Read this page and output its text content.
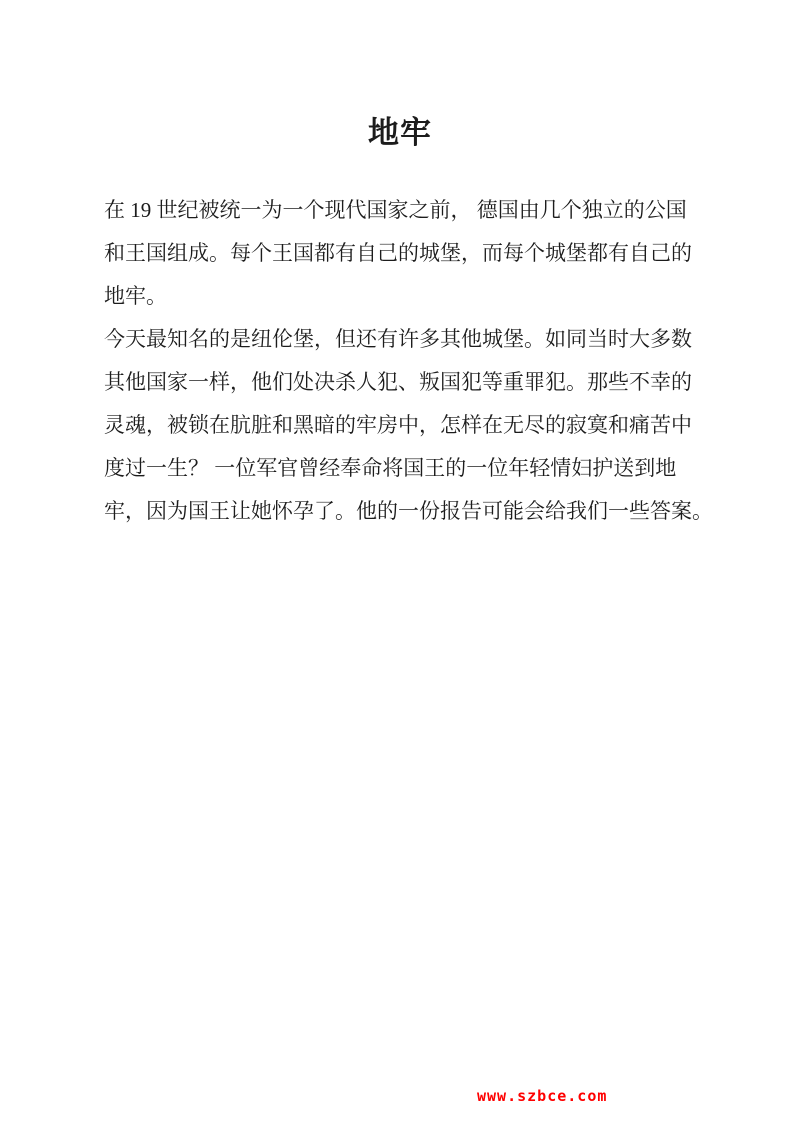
地牢

在 19 世纪被统一为一个现代国家之前， 德国由几个独立的公国
和王国组成。每个王国都有自己的城堡，而每个城堡都有自己的
地牢。

今天最知名的是纽伦堡，但还有许多其他城堡。如同当时大多数
其他国家一样，他们处决杀人犯、叛国犯等重罪犯。那些不幸的
灵魂，被锁在肮脏和黑暗的牢房中，怎样在无尽的寂寞和痛苦中
度过一生？ 一位军官曾经奉命将国王的一位年轻情妇护送到地
牢，因为国王让她怀孕了。他的一份报告可能会给我们一些答案。

www.szbce.com
